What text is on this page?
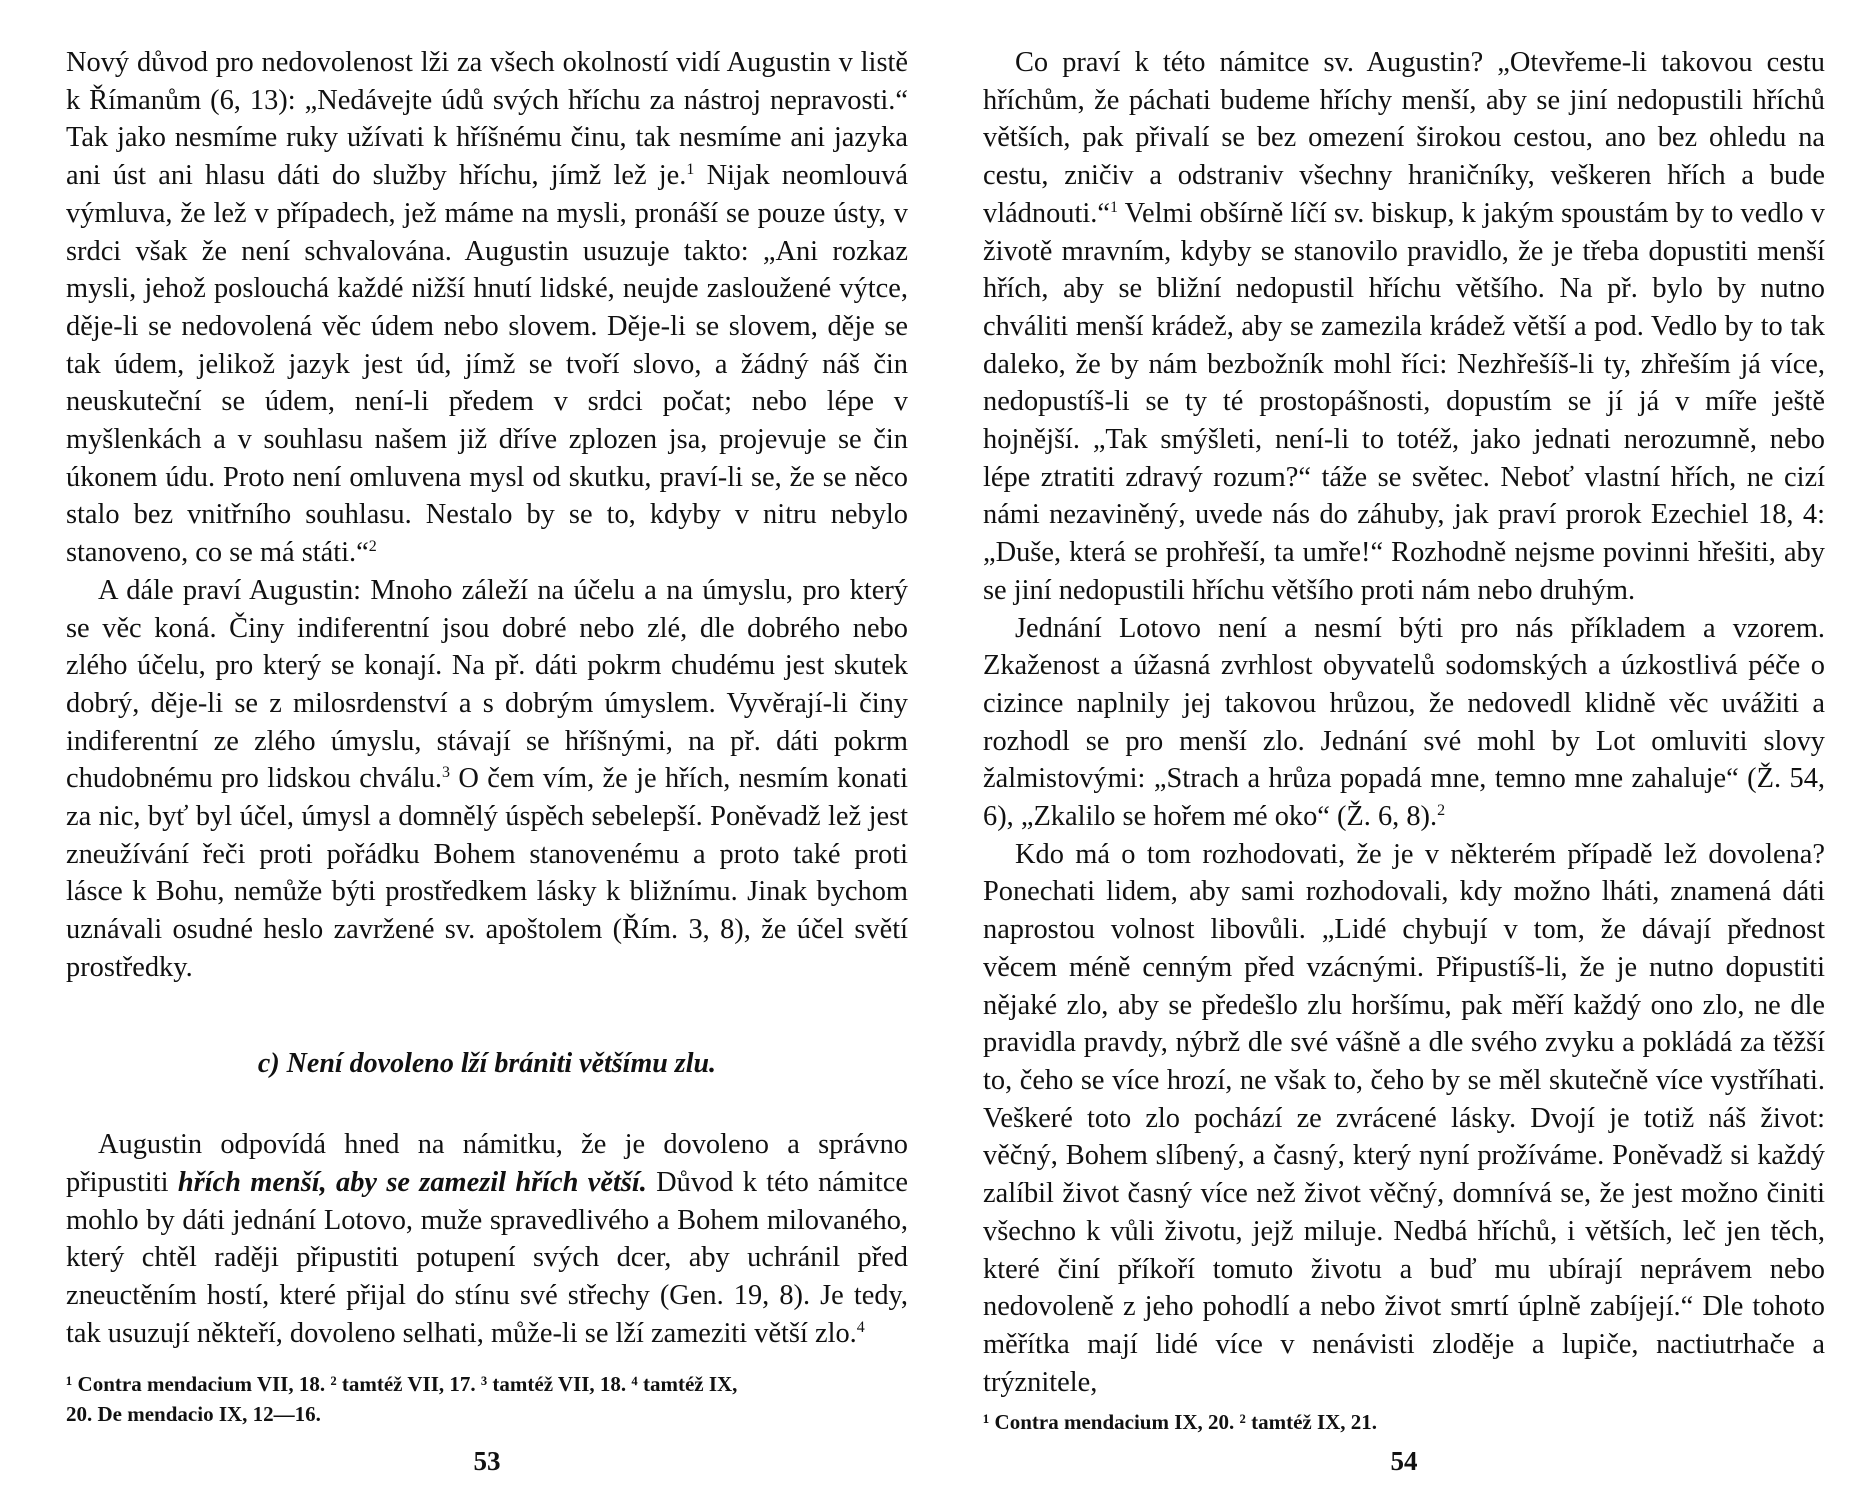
Nový důvod pro nedovolenost lži za všech okolností vidí Augustin v listě k Římanům (6, 13): „Nedávejte údů svých hříchu za nástroj nepravosti.“ Tak jako nesmíme ruky užívati k hříšnému činu, tak nesmíme ani jazyka ani úst ani hlasu dáti do služby hříchu, jímž lež je.$^1$ Nijak neomlouvá výmluva, že lež v případech, jež máme na mysli, pronáší se pouze ústy, v srdci však že není schvalována. Augustin usuzuje takto: „Ani rozkaz mysli, jehož poslouchá každé nižší hnutí lidské, neujde zasloužené výtce, děje-li se nedovolená věc údem nebo slovem. Děje-li se slovem, děje se tak údem, jelikož jazyk jest úd, jímž se tvoří slovo, a žádný náš čin neuskuteční se údem, není-li předem v srdci počat; nebo lépe v myšlenkách a v souhlasu našem již dříve zplozen jsa, projevuje se čin úkonem údu. Proto není omluvena mysl od skutku, praví-li se, že se něco stalo bez vnitřního souhlasu. Nestalo by se to, kdyby v nitru nebylo stanoveno, co se má státi.“$^2$

A dále praví Augustin: Mnoho záleží na účelu a na úmyslu, pro který se věc koná. Činy indiferentní jsou dobré nebo zlé, dle dobrého nebo zlého účelu, pro který se konají. Na př. dáti pokrm chudému jest skutek dobrý, děje-li se z milosrdenství a s dobrým úmyslem. Vyvěrají-li činy indiferentní ze zlého úmyslu, stávají se hříšnými, na př. dáti pokrm chudobnému pro lidskou chválu.$^3$ O čem vím, že je hřích, nesmím konati za nic, byť byl účel, úmysl a domnělý úspěch sebelepší. Poněvadž lež jest zneužívání řeči proti pořádku Bohem stanovenému a proto také proti lásce k Bohu, nemůže býti prostředkem lásky k bližnímu. Jinak bychom uznávali osudné heslo zavržené sv. apoštolem (Řím. 3, 8), že účel světí prostředky.

c) Není dovoleno lží brániti většímu zlu.

Augustin odpovídá hned na námitku, že je dovoleno a správno připustiti hřích menší, aby se zamezil hřích větší. Důvod k této námitce mohlo by dáti jednání Lotovo, muže spravedlivého a Bohem milovaného, který chtěl raději připustiti potupení svých dcer, aby uchránil před zneuctěním hostí, které přijal do stínu své střechy (Gen. 19, 8). Je tedy, tak usuzují někteří, dovoleno selhati, může-li se lží zameziti větší zlo.$^4$

¹ Contra mendacium VII, 18. ² tamtéž VII, 17. ³ tamtéž VII, 18. ⁴ tamtéž IX,

20. De mendacio IX, 12—16.

53

Co praví k této námitce sv. Augustin? „Otevřeme-li takovou cestu hříchům, že páchati budeme hříchy menší, aby se jiní nedopustili hříchů větších, pak přivalí se bez omezení širokou cestou, ano bez ohledu na cestu, zničiv a odstraniv všechny hraničníky, veškeren hřích a bude vládnouti.“$^1$ Velmi obšírně líčí sv. biskup, k jakým spoustám by to vedlo v životě mravním, kdyby se stanovilo pravidlo, že je třeba dopustiti menší hřích, aby se bližní nedopustil hříchu většího. Na př. bylo by nutno chváliti menší krádež, aby se zamezila krádež větší a pod. Vedlo by to tak daleko, že by nám bezbožník mohl říci: Nezhřešíš-li ty, zhřeším já více, nedopustíš-li se ty té prostopášnosti, dopustím se jí já v míře ještě hojnější. „Tak smýšleti, není-li to totéž, jako jednati nerozumně, nebo lépe ztratiti zdravý rozum?“ táže se světec. Neboť vlastní hřích, ne cizí námi nezaviněný, uvede nás do záhuby, jak praví prorok Ezechiel 18, 4: „Duše, která se prohřeší, ta umře!“ Rozhodně nejsme povinni hřešiti, aby se jiní nedopustili hříchu většího proti nám nebo druhým.

Jednání Lotovo není a nesmí býti pro nás příkladem a vzorem. Zkaženost a úžasná zvrhlost obyvatelů sodomských a úzkostlivá péče o cizince naplnily jej takovou hrůzou, že nedovedl klidně věc uvážiti a rozhodl se pro menší zlo. Jednání své mohl by Lot omluviti slovy žalmistovými: „Strach a hrůza popadá mne, temno mne zahaluje“ (Ž. 54, 6), „Zkalilo se hořem mé oko“ (Ž. 6, 8).$^2$

Kdo má o tom rozhodovati, že je v některém případě lež dovolena? Ponechati lidem, aby sami rozhodovali, kdy možno lháti, znamená dáti naprostou volnost libovůli. „Lidé chybují v tom, že dávají přednost věcem méně cenným před vzácnými. Připustíš-li, že je nutno dopustiti nějaké zlo, aby se předešlo zlu horšímu, pak měří každý ono zlo, ne dle pravidla pravdy, nýbrž dle své vášně a dle svého zvyku a pokládá za těžší to, čeho se více hrozí, ne však to, čeho by se měl skutečně více vystříhati. Veškeré toto zlo pochází ze zvrácené lásky. Dvojí je totiž náš život: věčný, Bohem slíbený, a časný, který nyní prožíváme. Poněvadž si každý zalíbil život časný více než život věčný, domnívá se, že jest možno činiti všechno k vůli životu, jejž miluje. Nedbá hříchů, i větších, leč jen těch, které činí příkoří tomuto životu a buď mu ubírají neprávem nebo nedovoleně z jeho pohodlí a nebo život smrtí úplně zabíjejí.“ Dle tohoto měřítka mají lidé více v nenávisti zloděje a lupiče, nactiutrhače a trýznitele,

¹ Contra mendacium IX, 20. ² tamtéž IX, 21.

54
